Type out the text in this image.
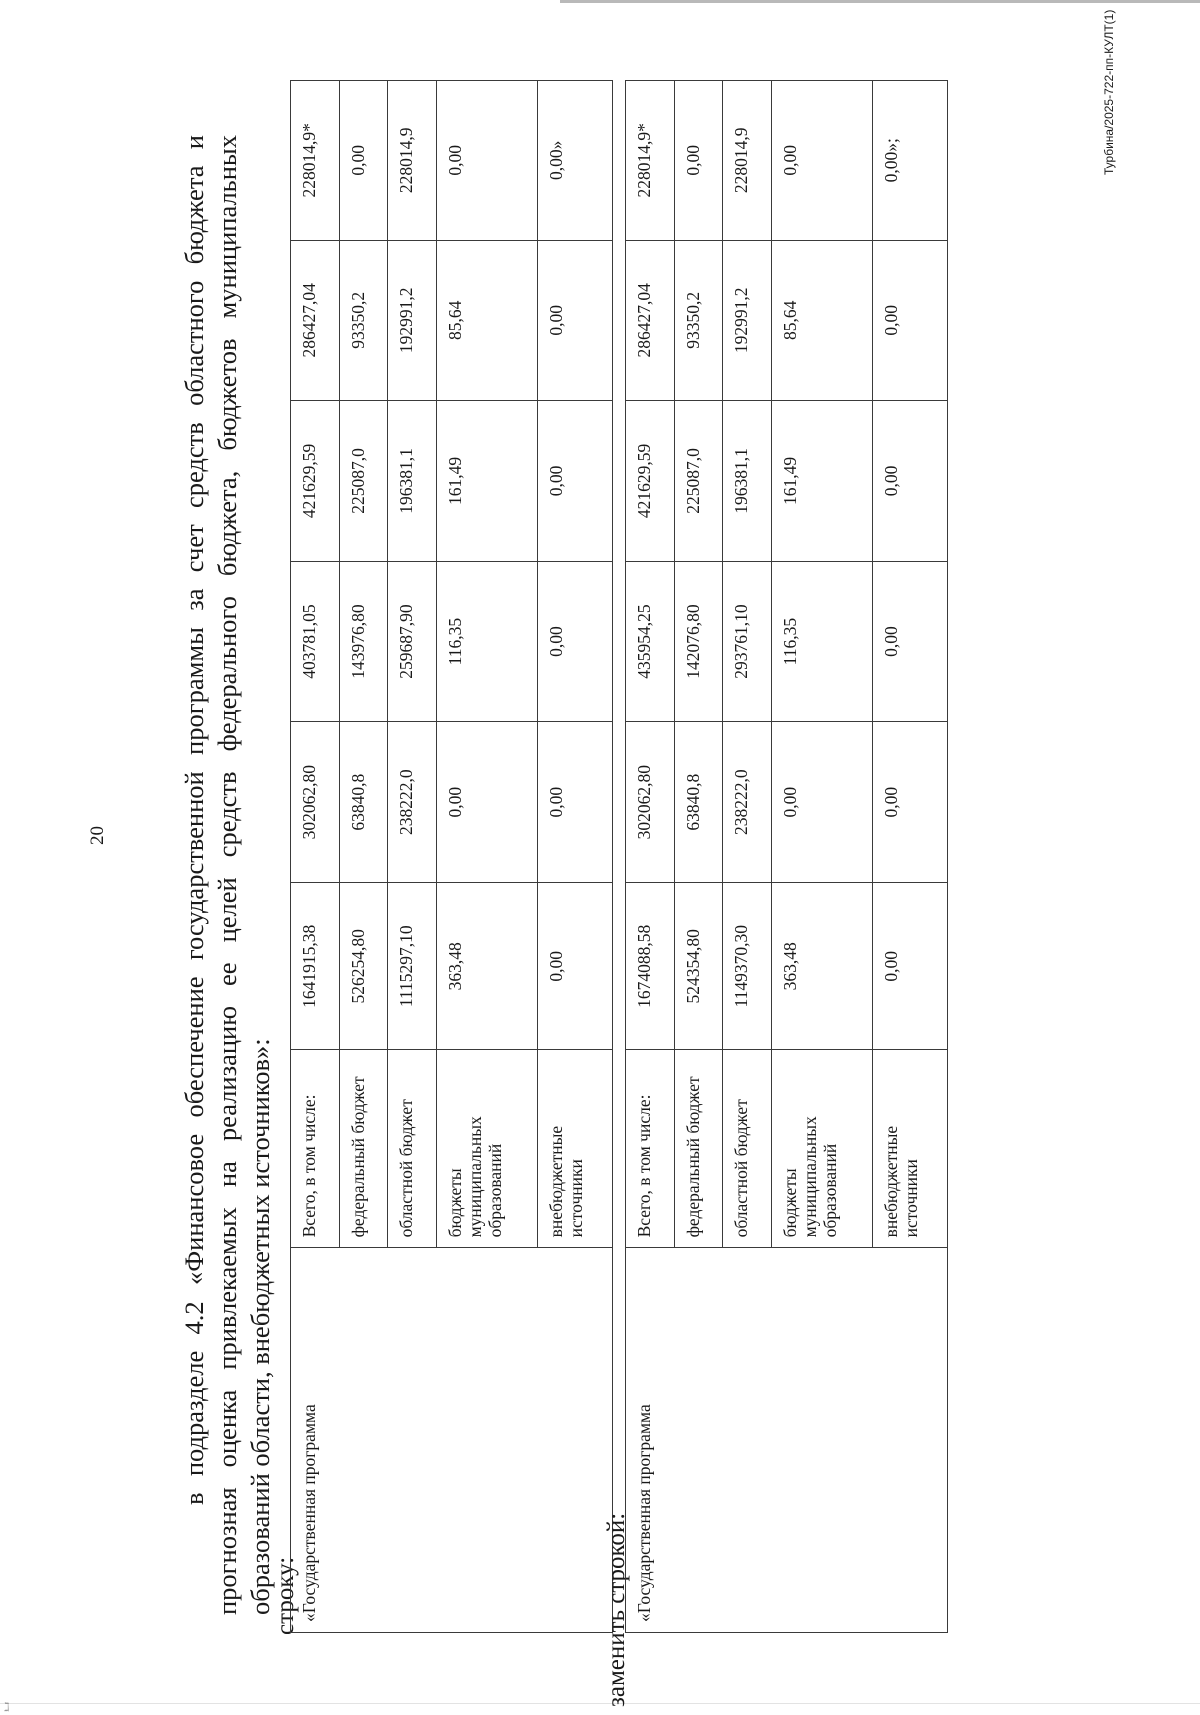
ℷ
20	в подразделе 4.2 «Финансовое обеспечение государственной программы за счет средств областного бюджета и прогнозная оценка привлекаемых на реализацию ее целей средств федерального бюджета, бюджетов муниципальных образований области, внебюджетных источников»:

строку: «Государственная программа	Всего, в том числе:	1641915,38	302062,80	403781,05	421629,59	286427,04	228014,9*
	федеральный бюджет	526254,80	63840,8	143976,80	225087,0	93350,2	0,00
	областной бюджет	1115297,10	238222,0	259687,90	196381,1	192991,2	228014,9
	бюджеты муниципальных образований	363,48	0,00	116,35	161,49	85,64	0,00
	внебюджетные источники	0,00	0,00	0,00	0,00	0,00	0,00»
заменить строкой: «Государственная программа	Всего, в том числе:	1674088,58	302062,80	435954,25	421629,59	286427,04	228014,9*
	федеральный бюджет	524354,80	63840,8	142076,80	225087,0	93350,2	0,00
	областной бюджет	1149370,30	238222,0	293761,10	196381,1	192991,2	228014,9
	бюджеты муниципальных образований	363,48	0,00	116,35	161,49	85,64	0,00
	внебюджетные источники	0,00	0,00	0,00	0,00	0,00	0,00»;	Турбина/2025-722-пп-КУЛТ(1)
